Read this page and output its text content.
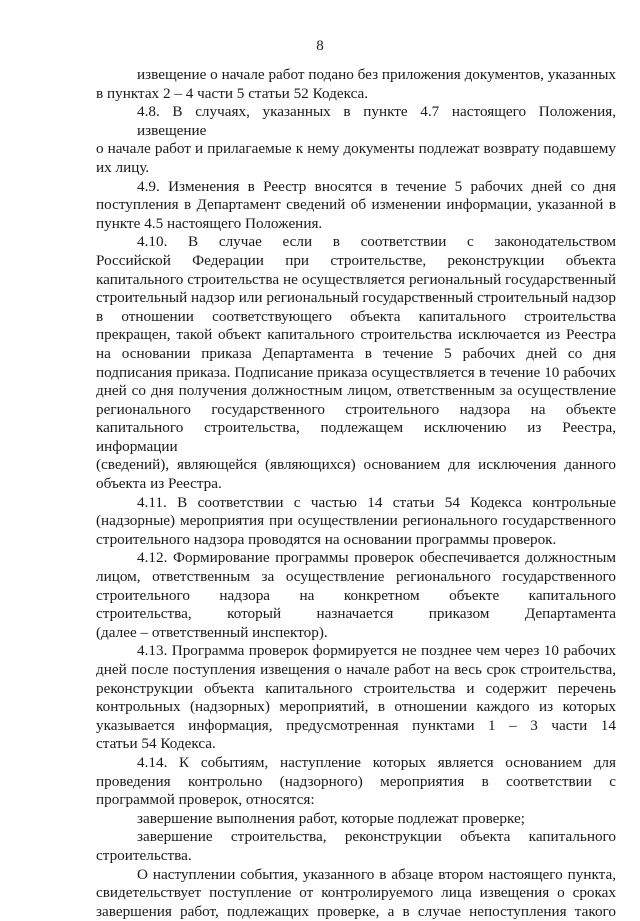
8
извещение о начале работ подано без приложения документов, указанных
в пунктах 2 – 4 части 5 статьи 52 Кодекса.
4.8. В случаях, указанных в пункте 4.7 настоящего Положения, извещение
о начале работ и прилагаемые к нему документы подлежат возврату подавшему
их лицу.
4.9. Изменения в Реестр вносятся в течение 5 рабочих дней со дня
поступления в Департамент сведений об изменении информации, указанной в
пункте 4.5 настоящего Положения.
4.10. В случае если в соответствии с законодательством
Российской Федерации при строительстве, реконструкции объекта
капитального строительства не осуществляется региональный государственный
строительный надзор или региональный государственный строительный надзор
в отношении соответствующего объекта капитального строительства
прекращен, такой объект капитального строительства исключается из Реестра
на основании приказа Департамента в течение 5 рабочих дней со дня
подписания приказа. Подписание приказа осуществляется в течение 10 рабочих
дней со дня получения должностным лицом, ответственным за осуществление
регионального государственного строительного надзора на объекте
капитального строительства, подлежащем исключению из Реестра, информации
(сведений), являющейся (являющихся) основанием для исключения данного
объекта из Реестра.
4.11. В соответствии с частью 14 статьи 54 Кодекса контрольные
(надзорные) мероприятия при осуществлении регионального государственного
строительного надзора проводятся на основании программы проверок.
4.12. Формирование программы проверок обеспечивается должностным
лицом, ответственным за осуществление регионального государственного
строительного надзора на конкретном объекте капитального
строительства, который назначается приказом Департамента
(далее – ответственный инспектор).
4.13. Программа проверок формируется не позднее чем через 10 рабочих
дней после поступления извещения о начале работ на весь срок строительства,
реконструкции объекта капитального строительства и содержит перечень
контрольных (надзорных) мероприятий, в отношении каждого из которых
указывается информация, предусмотренная пунктами 1 – 3 части 14
статьи 54 Кодекса.
4.14. К событиям, наступление которых является основанием для
проведения контрольно (надзорного) мероприятия в соответствии с
программой проверок, относятся:
завершение выполнения работ, которые подлежат проверке;
завершение строительства, реконструкции объекта капитального
строительства.
О наступлении события, указанного в абзаце втором настоящего пункта,
свидетельствует поступление от контролируемого лица извещения о сроках
завершения работ, подлежащих проверке, а в случае непоступления такого
